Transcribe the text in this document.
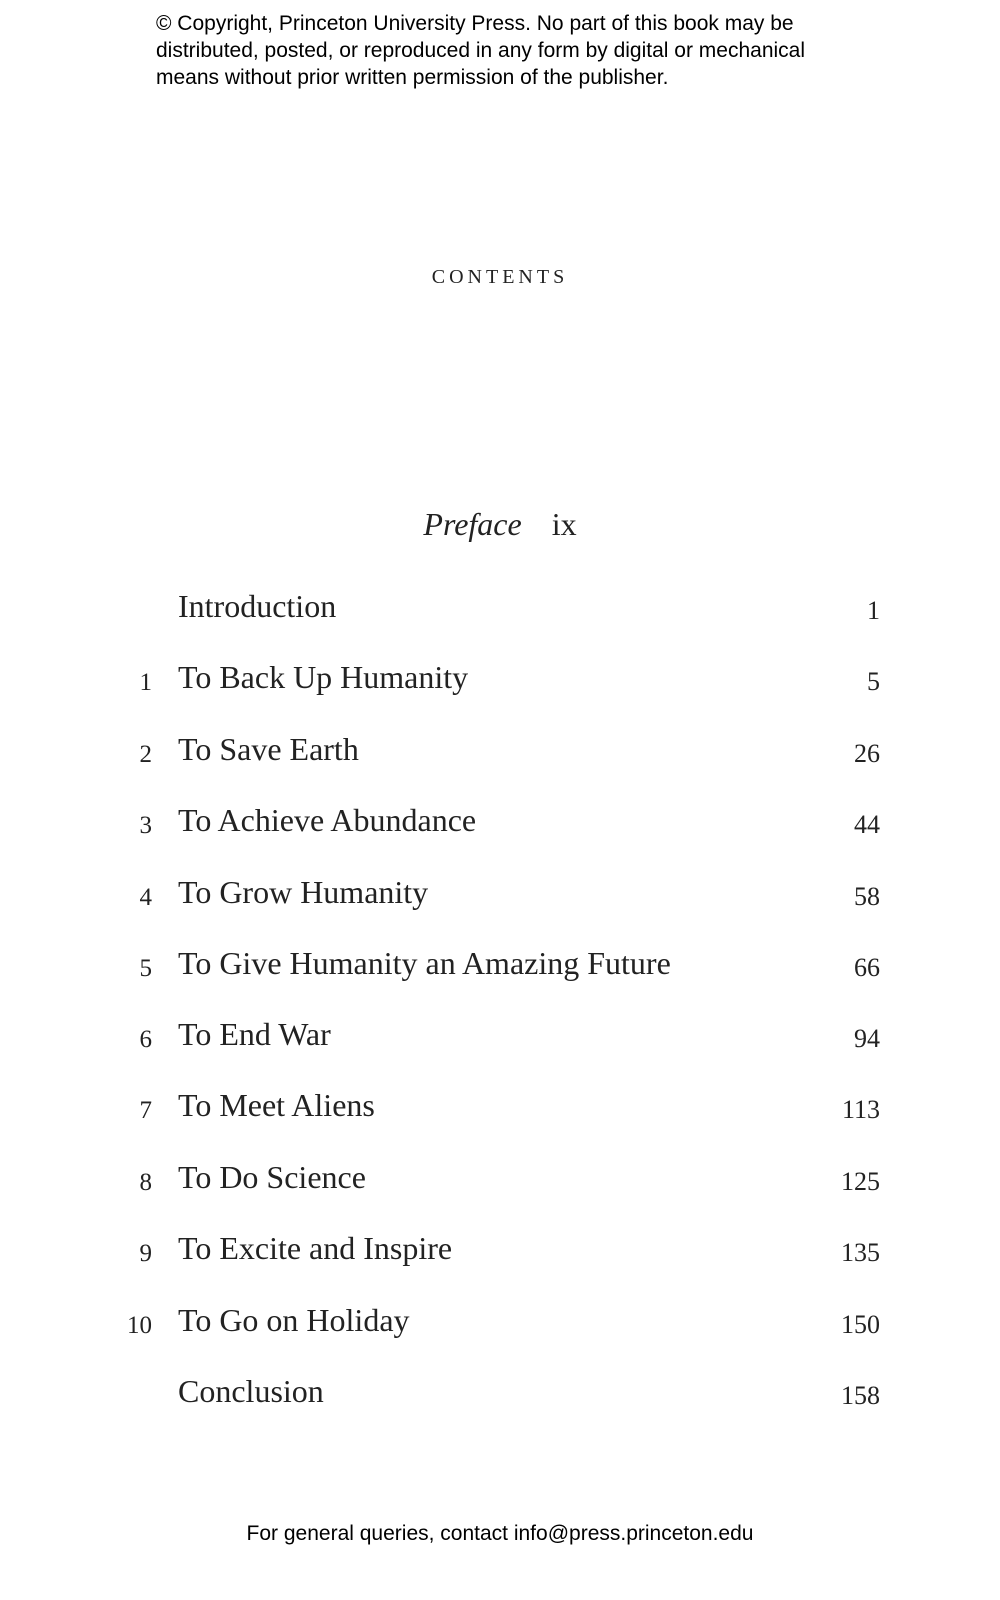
© Copyright, Princeton University Press. No part of this book may be
distributed, posted, or reproduced in any form by digital or mechanical
means without prior written permission of the publisher.
contents
Preface ix
Introduction	1
1 To Back Up Humanity	5
2 To Save Earth	26
3 To Achieve Abundance	44
4 To Grow Humanity	58
5 To Give Humanity an Amazing Future	66
6 To End War	94
7 To Meet Aliens	113
8 To Do Science	125
9 To Excite and Inspire	135
10 To Go on Holiday	150
Conclusion	158
For general queries, contact info@press.princeton.edu
